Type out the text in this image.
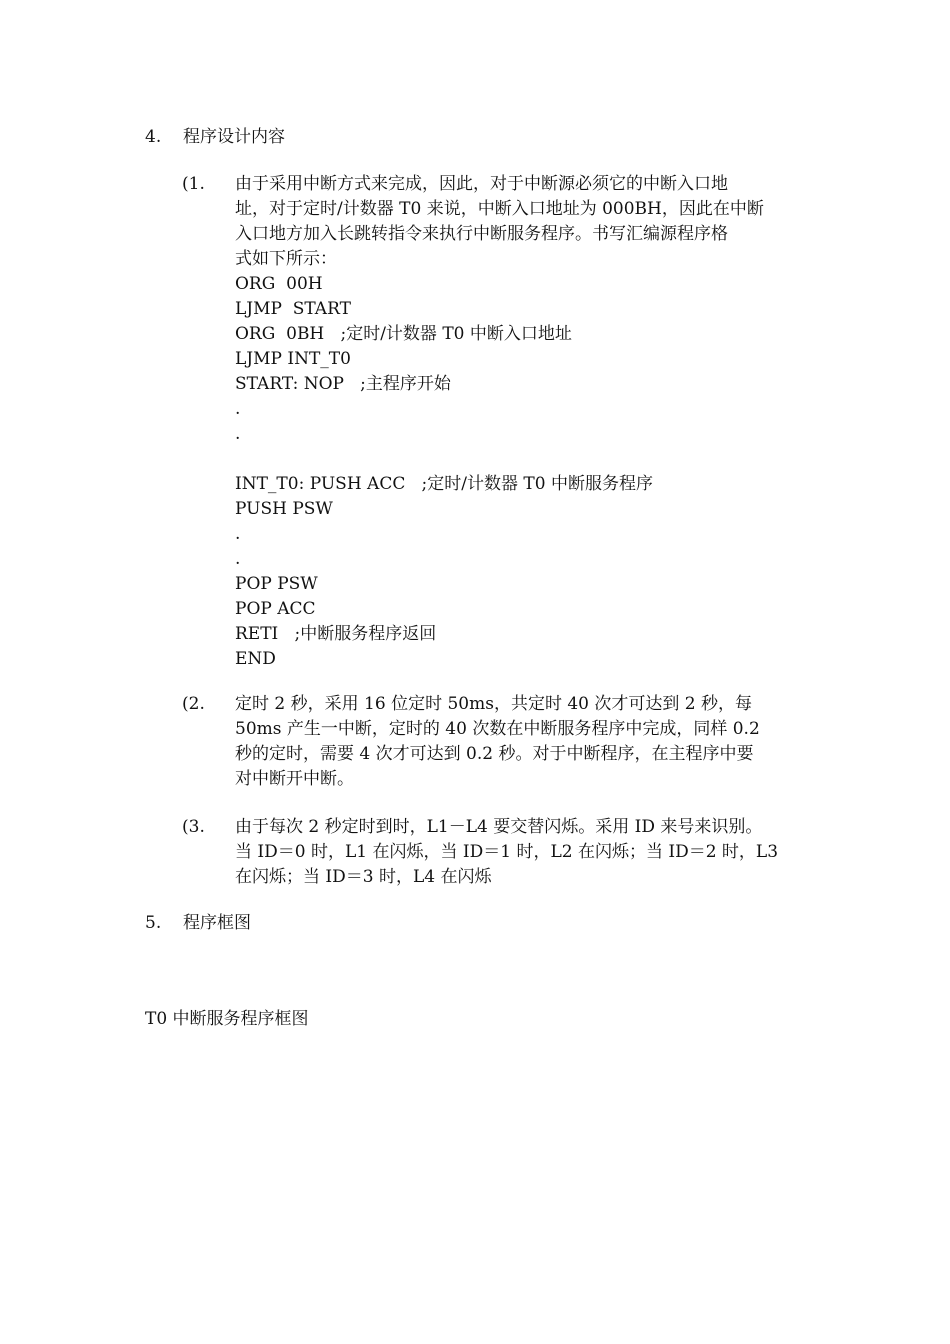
4. 程序设计内容
(1.	由于采用中断方式来完成，因此，对于中断源必须它的中断入口地
址，对于定时/计数器 T0 来说，中断入口地址为 000BH，因此在中断
入口地方加入长跳转指令来执行中断服务程序。书写汇编源程序格
式如下所示：
ORG  00H
LJMP  START
ORG  0BH   ;定时/计数器 T0 中断入口地址
LJMP INT_T0
START: NOP   ;主程序开始
.
.
INT_T0: PUSH ACC   ;定时/计数器 T0 中断服务程序
PUSH PSW
.
.
POP PSW
POP ACC
RETI   ;中断服务程序返回
END
(2.	定时 2 秒，采用 16 位定时 50ms，共定时 40 次才可达到 2 秒，每
50ms 产生一中断，定时的 40 次数在中断服务程序中完成，同样 0.2
秒的定时，需要 4 次才可达到 0.2 秒。对于中断程序，在主程序中要
对中断开中断。
(3.	由于每次 2 秒定时到时，L1－L4 要交替闪烁。采用 ID 来号来识别。
当 ID＝0 时，L1 在闪烁，当 ID＝1 时，L2 在闪烁；当 ID＝2 时，L3
在闪烁；当 ID＝3 时，L4 在闪烁
5. 程序框图
T0 中断服务程序框图
